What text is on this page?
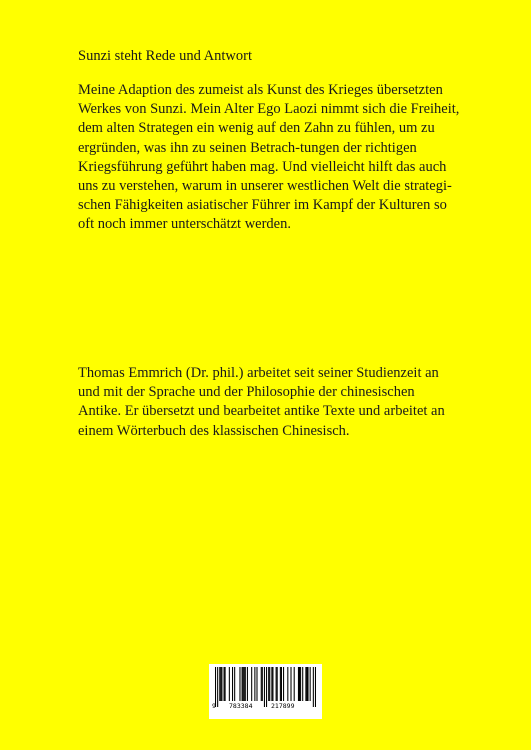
Sunzi steht Rede und Antwort

Meine Adaption des zumeist als Kunst des Krieges übersetzten
Werkes von Sunzi. Mein Alter Ego Laozi nimmt sich die Freiheit,
dem alten Strategen ein wenig auf den Zahn zu fühlen, um zu
ergründen, was ihn zu seinen Betrach-tungen der richtigen
Kriegsführung geführt haben mag. Und vielleicht hilft das auch
uns zu verstehen, warum in unserer westlichen Welt die strategi-
schen Fähigkeiten asiatischer Führer im Kampf der Kulturen so
oft noch immer unterschätzt werden.

Thomas Emmrich (Dr. phil.) arbeitet seit seiner Studienzeit an
und mit der Sprache und der Philosophie der chinesischen
Antike. Er übersetzt und bearbeitet antike Texte und arbeitet an
einem Wörterbuch des klassischen Chinesisch.

9 783384	217899
